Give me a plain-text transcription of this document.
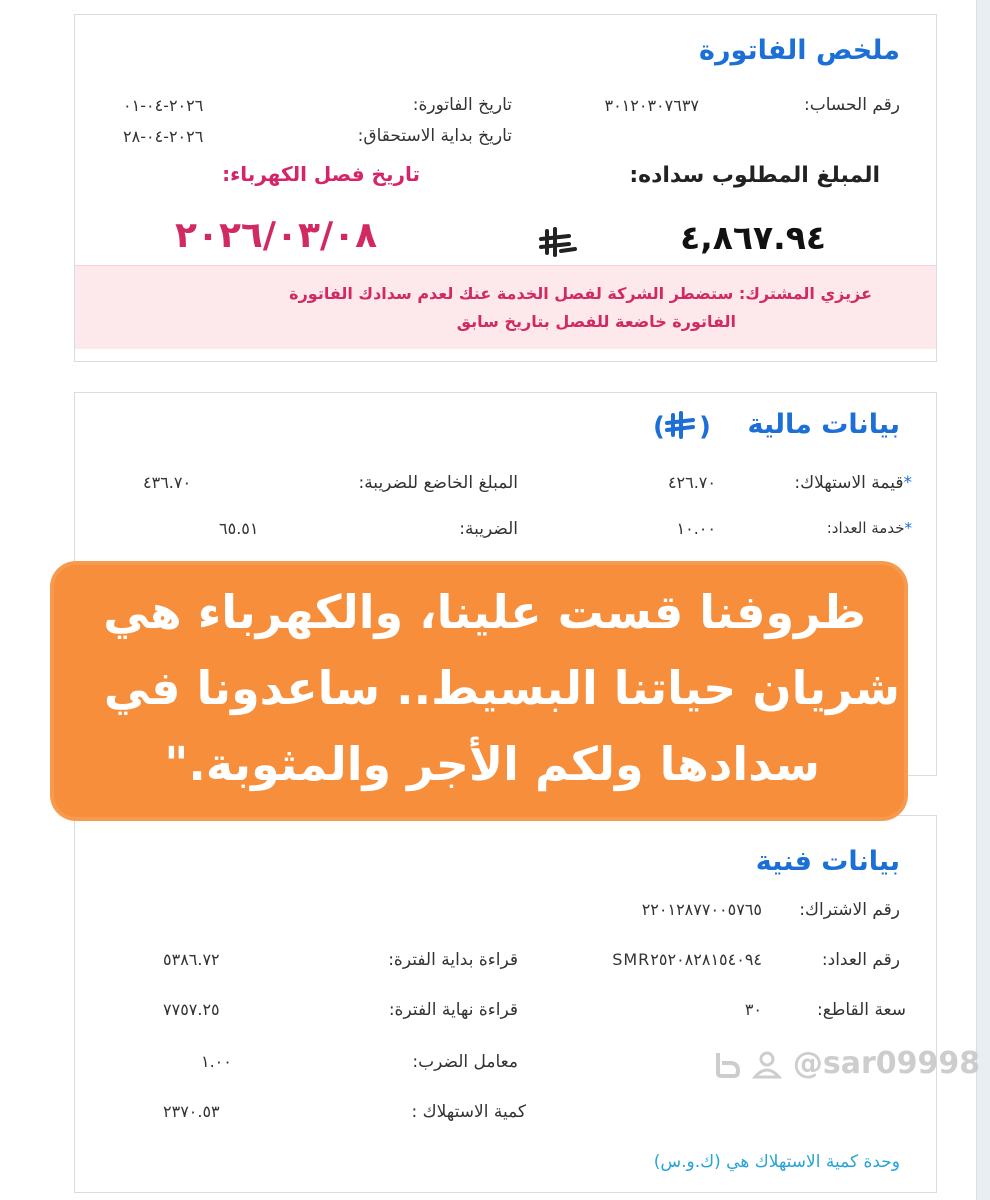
ملخص الفاتورة
رقم الحساب:
٣٠١٢٠٣٠٧٦٣٧
تاريخ الفاتورة:
٢٠٢٦-٠٤-٠١
تاريخ بداية الاستحقاق:
٢٠٢٦-٠٤-٢٨
المبلغ المطلوب سداده:
تاريخ فصل الكهرباء:
٤,٨٦٧.٩٤
٢٠٢٦/٠٣/٠٨
عزيزي المشترك: ستضطر الشركة لفصل الخدمة عنك لعدم سدادك الفاتورة
الفاتورة خاضعة للفصل بتاريخ سابق
بيانات مالية
( )
*قيمة الاستهلاك:
٤٢٦.٧٠
المبلغ الخاضع للضريبة:
٤٣٦.٧٠
*خدمة العداد:
١٠.٠٠
الضريبة:
٦٥.٥١
بيانات فنية
رقم الاشتراك:
٢٢٠١٢٨٧٧٠٠٥٧٦٥
رقم العداد:
SMR٢٥٢٠٨٢٨١٥٤٠٩٤
قراءة بداية الفترة:
٥٣٨٦.٧٢
سعة القاطع:
٣٠
قراءة نهاية الفترة:
٧٧٥٧.٢٥
معامل الضرب:
١.٠٠
كمية الاستهلاك :
٢٣٧٠.٥٣
وحدة كمية الاستهلاك هي (ك.و.س)
ظروفنا قست علينا، والكهرباء هي
شريان حياتنا البسيط.. ساعدونا في
سدادها ولكم الأجر والمثوبة."
@sar09998
